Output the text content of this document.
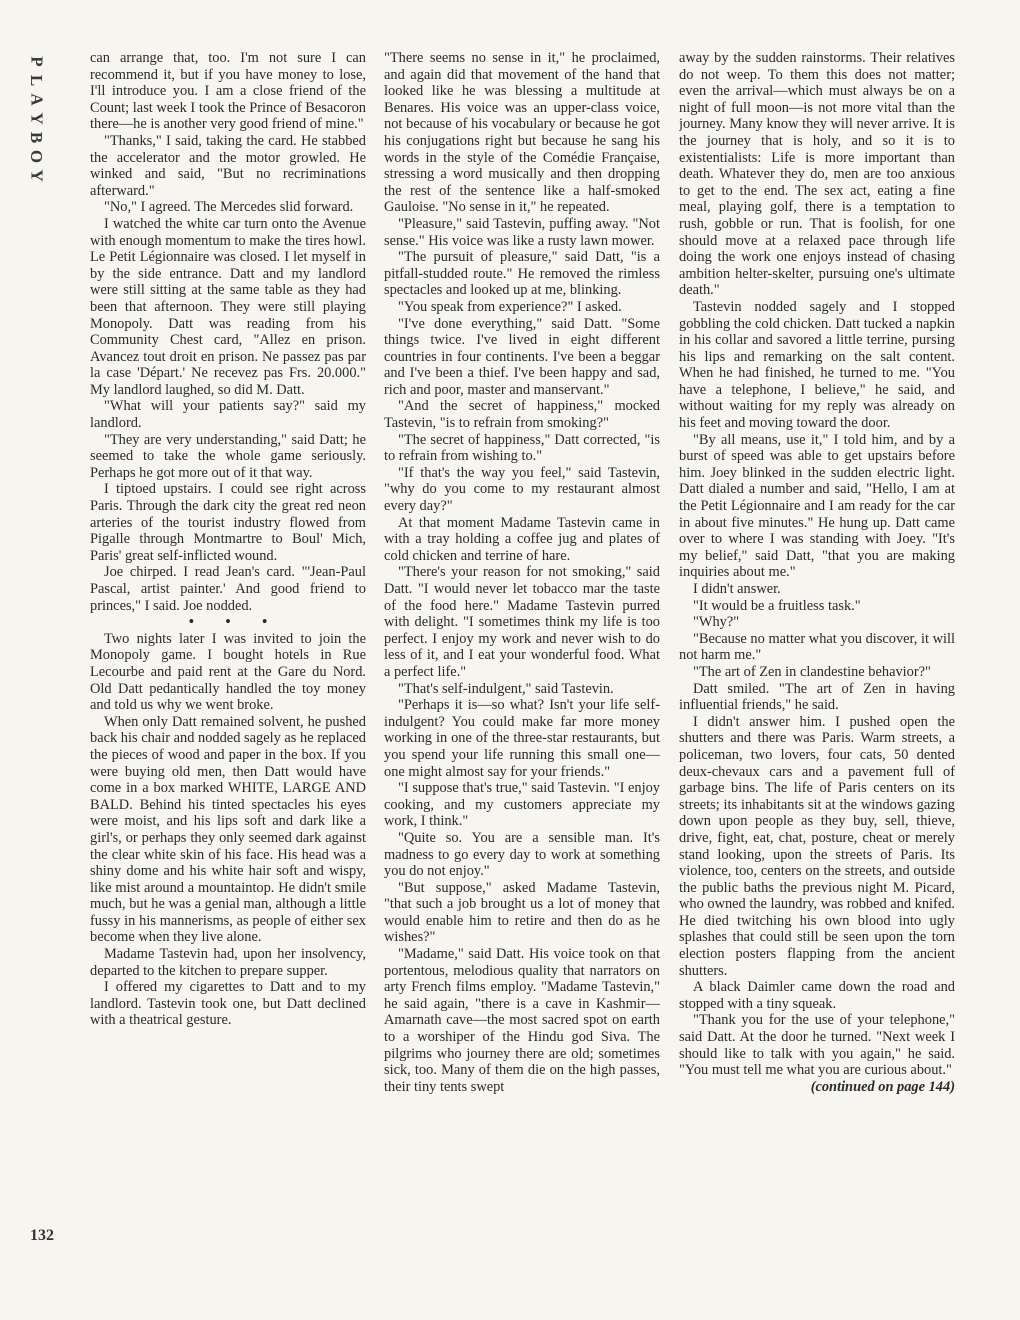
P
L
A
Y
B
O
Y

can arrange that, too. I'm not sure I can recommend it, but if you have money to lose, I'll introduce you. I am a close friend of the Count; last week I took the Prince of Besacoron there—he is another very good friend of mine."

"Thanks," I said, taking the card. He stabbed the accelerator and the motor growled. He winked and said, "But no recriminations afterward."

"No," I agreed. The Mercedes slid forward.

I watched the white car turn onto the Avenue with enough momentum to make the tires howl. Le Petit Légionnaire was closed. I let myself in by the side entrance. Datt and my landlord were still sitting at the same table as they had been that afternoon. They were still playing Monopoly. Datt was reading from his Community Chest card, "Allez en prison. Avancez tout droit en prison. Ne passez pas par la case 'Départ.' Ne recevez pas Frs. 20.000." My landlord laughed, so did M. Datt.

"What will your patients say?" said my landlord.

"They are very understanding," said Datt; he seemed to take the whole game seriously. Perhaps he got more out of it that way.

I tiptoed upstairs. I could see right across Paris. Through the dark city the great red neon arteries of the tourist industry flowed from Pigalle through Montmartre to Boul' Mich, Paris' great self-inflicted wound.

Joe chirped. I read Jean's card. "'Jean-Paul Pascal, artist painter.' And good friend to princes," I said. Joe nodded.

• • •

Two nights later I was invited to join the Monopoly game. I bought hotels in Rue Lecourbe and paid rent at the Gare du Nord. Old Datt pedantically handled the toy money and told us why we went broke.

When only Datt remained solvent, he pushed back his chair and nodded sagely as he replaced the pieces of wood and paper in the box. If you were buying old men, then Datt would have come in a box marked WHITE, LARGE AND BALD. Behind his tinted spectacles his eyes were moist, and his lips soft and dark like a girl's, or perhaps they only seemed dark against the clear white skin of his face. His head was a shiny dome and his white hair soft and wispy, like mist around a mountaintop. He didn't smile much, but he was a genial man, although a little fussy in his mannerisms, as people of either sex become when they live alone.

Madame Tastevin had, upon her insolvency, departed to the kitchen to prepare supper.

I offered my cigarettes to Datt and to my landlord. Tastevin took one, but Datt declined with a theatrical gesture.

"There seems no sense in it," he proclaimed, and again did that movement of the hand that looked like he was blessing a multitude at Benares. His voice was an upper-class voice, not because of his vocabulary or because he got his conjugations right but because he sang his words in the style of the Comédie Française, stressing a word musically and then dropping the rest of the sentence like a half-smoked Gauloise. "No sense in it," he repeated.

"Pleasure," said Tastevin, puffing away. "Not sense." His voice was like a rusty lawn mower.

"The pursuit of pleasure," said Datt, "is a pitfall-studded route." He removed the rimless spectacles and looked up at me, blinking.

"You speak from experience?" I asked.

"I've done everything," said Datt. "Some things twice. I've lived in eight different countries in four continents. I've been a beggar and I've been a thief. I've been happy and sad, rich and poor, master and manservant."

"And the secret of happiness," mocked Tastevin, "is to refrain from smoking?"

"The secret of happiness," Datt corrected, "is to refrain from wishing to."

"If that's the way you feel," said Tastevin, "why do you come to my restaurant almost every day?"

At that moment Madame Tastevin came in with a tray holding a coffee jug and plates of cold chicken and terrine of hare.

"There's your reason for not smoking," said Datt. "I would never let tobacco mar the taste of the food here." Madame Tastevin purred with delight. "I sometimes think my life is too perfect. I enjoy my work and never wish to do less of it, and I eat your wonderful food. What a perfect life."

"That's self-indulgent," said Tastevin.

"Perhaps it is—so what? Isn't your life self-indulgent? You could make far more money working in one of the three-star restaurants, but you spend your life running this small one—one might almost say for your friends."

"I suppose that's true," said Tastevin. "I enjoy cooking, and my customers appreciate my work, I think."

"Quite so. You are a sensible man. It's madness to go every day to work at something you do not enjoy."

"But suppose," asked Madame Tastevin, "that such a job brought us a lot of money that would enable him to retire and then do as he wishes?"

"Madame," said Datt. His voice took on that portentous, melodious quality that narrators on arty French films employ. "Madame Tastevin," he said again, "there is a cave in Kashmir—Amarnath cave—the most sacred spot on earth to a worshiper of the Hindu god Siva. The pilgrims who journey there are old; sometimes sick, too. Many of them die on the high passes, their tiny tents swept

away by the sudden rainstorms. Their relatives do not weep. To them this does not matter; even the arrival—which must always be on a night of full moon—is not more vital than the journey. Many know they will never arrive. It is the journey that is holy, and so it is to existentialists: Life is more important than death. Whatever they do, men are too anxious to get to the end. The sex act, eating a fine meal, playing golf, there is a temptation to rush, gobble or run. That is foolish, for one should move at a relaxed pace through life doing the work one enjoys instead of chasing ambition helter-skelter, pursuing one's ultimate death."

Tastevin nodded sagely and I stopped gobbling the cold chicken. Datt tucked a napkin in his collar and savored a little terrine, pursing his lips and remarking on the salt content. When he had finished, he turned to me. "You have a telephone, I believe," he said, and without waiting for my reply was already on his feet and moving toward the door.

"By all means, use it," I told him, and by a burst of speed was able to get upstairs before him. Joey blinked in the sudden electric light. Datt dialed a number and said, "Hello, I am at the Petit Légionnaire and I am ready for the car in about five minutes." He hung up. Datt came over to where I was standing with Joey. "It's my belief," said Datt, "that you are making inquiries about me."

I didn't answer.

"It would be a fruitless task."

"Why?"

"Because no matter what you discover, it will not harm me."

"The art of Zen in clandestine behavior?"

Datt smiled. "The art of Zen in having influential friends," he said.

I didn't answer him. I pushed open the shutters and there was Paris. Warm streets, a policeman, two lovers, four cats, 50 dented deux-chevaux cars and a pavement full of garbage bins. The life of Paris centers on its streets; its inhabitants sit at the windows gazing down upon people as they buy, sell, thieve, drive, fight, eat, chat, posture, cheat or merely stand looking, upon the streets of Paris. Its violence, too, centers on the streets, and outside the public baths the previous night M. Picard, who owned the laundry, was robbed and knifed. He died twitching his own blood into ugly splashes that could still be seen upon the torn election posters flapping from the ancient shutters.

A black Daimler came down the road and stopped with a tiny squeak.

"Thank you for the use of your telephone," said Datt. At the door he turned. "Next week I should like to talk with you again," he said. "You must tell me what you are curious about."

(continued on page 144)

132
